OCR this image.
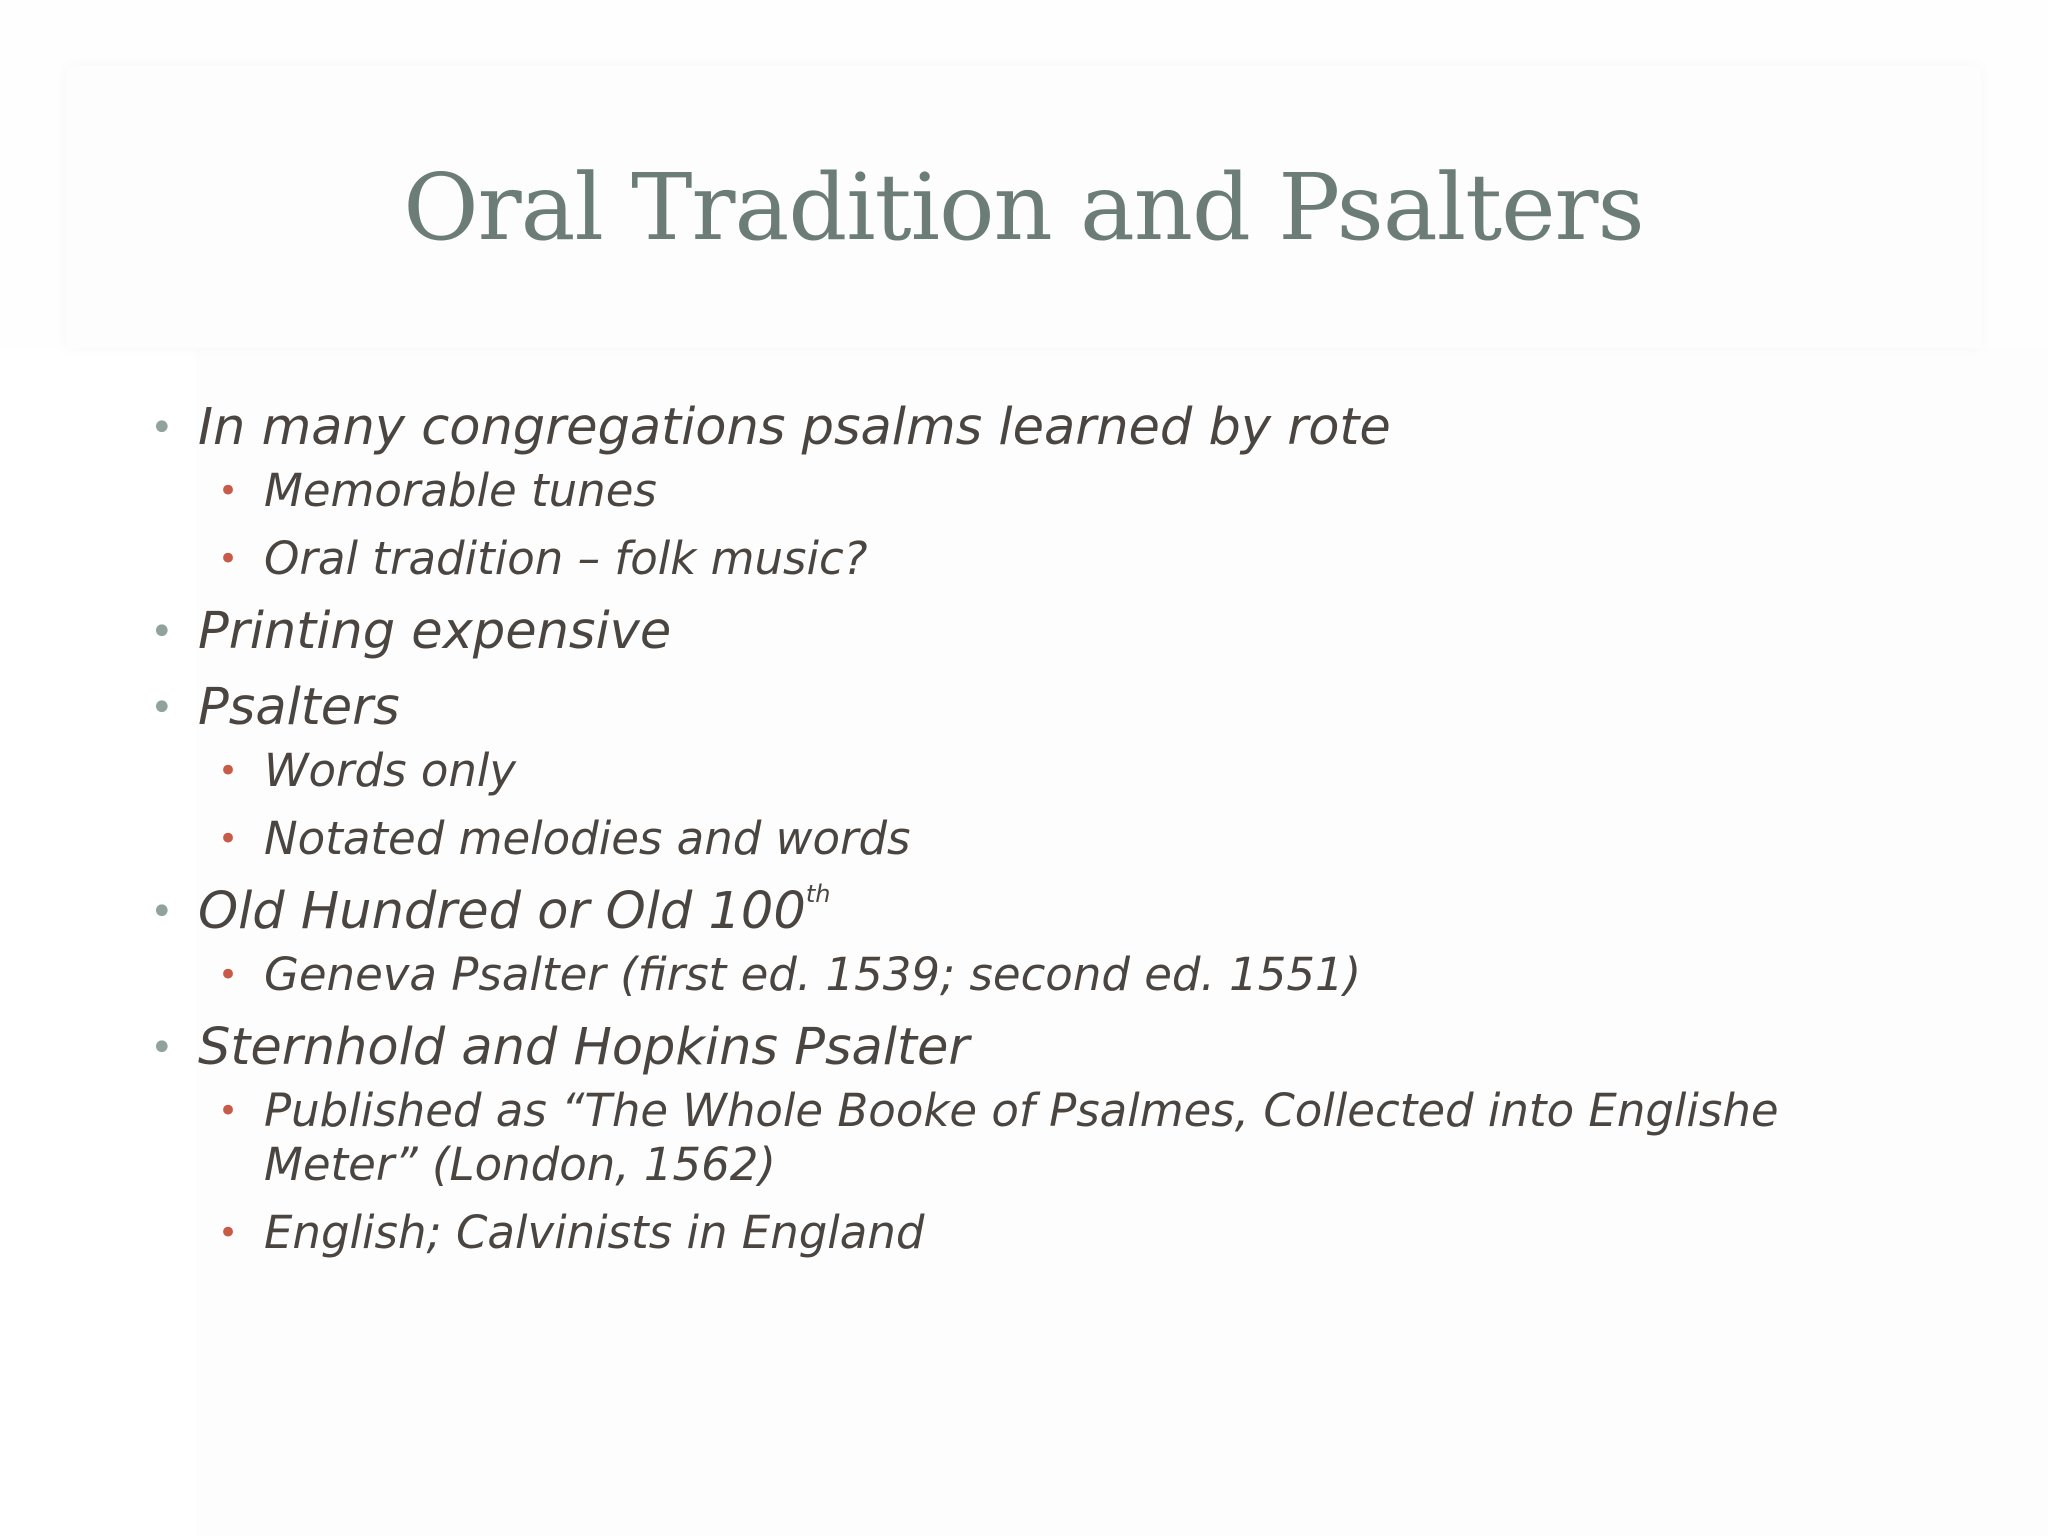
Oral Tradition and Psalters
• In many congregations psalms learned by rote
• Memorable tunes
• Oral tradition – folk music?
• Printing expensive
• Psalters
• Words only
• Notated melodies and words
• Old Hundred or Old 100th
• Geneva Psalter (first ed. 1539; second ed. 1551)
• Sternhold and Hopkins Psalter
• Published as “The Whole Booke of Psalmes, Collected into Englishe Meter” (London, 1562)
• English; Calvinists in England
